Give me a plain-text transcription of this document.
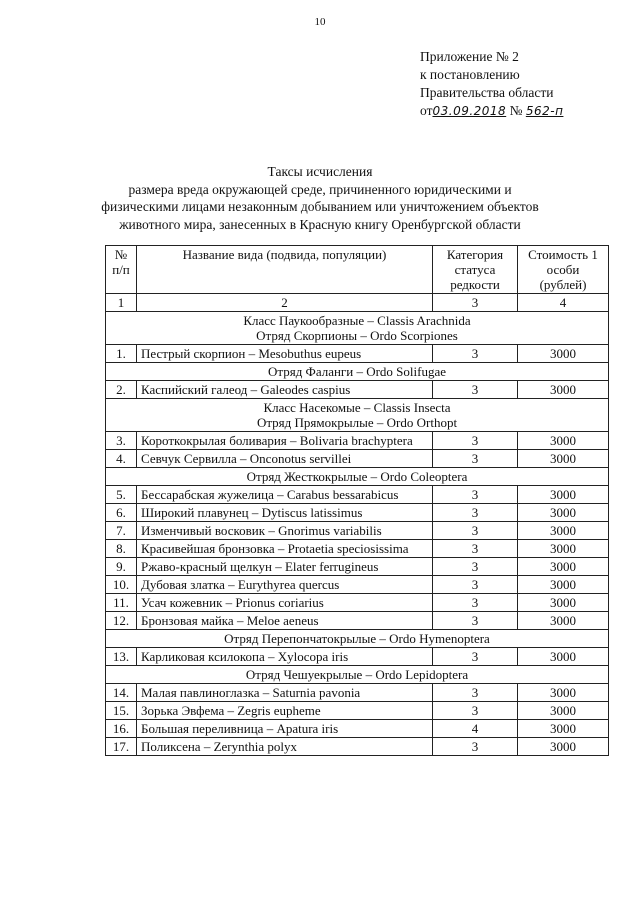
10
Приложение № 2
к постановлению
Правительства области
от03.09.2018 № 562-п
Таксы исчисления
размера вреда окружающей среде, причиненного юридическими и
физическими лицами незаконным добыванием или уничтожением объектов
животного мира, занесенных в Красную книгу Оренбургской области
№ п/п	Название вида (подвида, популяции)	Категория статуса редкости	Стоимость 1 особи (рублей)
1	2	3	4

Класс Паукообразные – Classis Arachnida
Отряд Скорпионы – Ordo Scorpiones			

1.	Пестрый скорпион – Mesobuthus eupeus	3	3000
Отряд Фаланги – Ordo Solifugae			
2.	Каспийский галеод – Galeodes caspius	3	3000

Класс Насекомые – Classis Insecta
Отряд Прямокрылые – Ordo Orthopt			

3.	Короткокрылая боливария – Bolivaria brachyptera	3	3000
4.	Севчук Сервилла – Onconotus servillei	3	3000
Отряд Жесткокрылые – Ordo Coleoptera			
5.	Бессарабская жужелица – Carabus bessarabicus	3	3000
6.	Широкий плавунец – Dytiscus latissimus	3	3000
7.	Изменчивый восковик – Gnorimus variabilis	3	3000
8.	Красивейшая бронзовка – Protaetia speciosissima	3	3000
9.	Ржаво-красный щелкун – Elater ferrugineus	3	3000
10.	Дубовая златка – Eurythyrea quercus	3	3000
11.	Усач кожевник – Prionus coriarius	3	3000
12.	Бронзовая майка – Meloe aeneus	3	3000
Отряд Перепончатокрылые – Ordo Hymenoptera			
13.	Карликовая ксилокопа – Xylocopa iris	3	3000
Отряд Чешуекрылые – Ordo Lepidoptera			
14.	Малая павлиноглазка – Saturnia pavonia	3	3000
15.	Зорька Эвфема – Zegris eupheme	3	3000
16.	Большая переливница – Apatura iris	4	3000
17.	Поликсена – Zerynthia polyx	3	3000
